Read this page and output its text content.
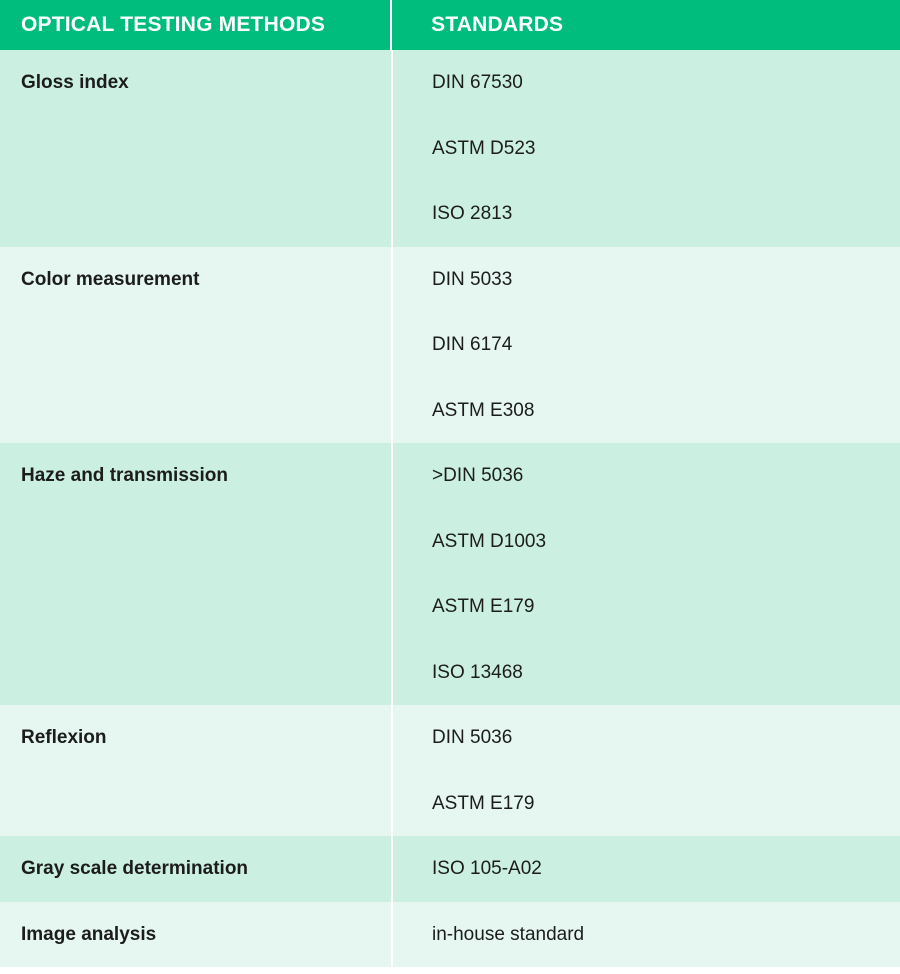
OPTICAL TESTING METHODS	STANDARDS
Gloss index	DIN 67530
ASTM D523
ISO 2813
Color measurement	DIN 5033
DIN 6174
ASTM E308
Haze and transmission	>DIN 5036
ASTM D1003
ASTM E179
ISO 13468
Reflexion	DIN 5036
ASTM E179
Gray scale determination	ISO 105-A02
Image analysis	in-house standard
